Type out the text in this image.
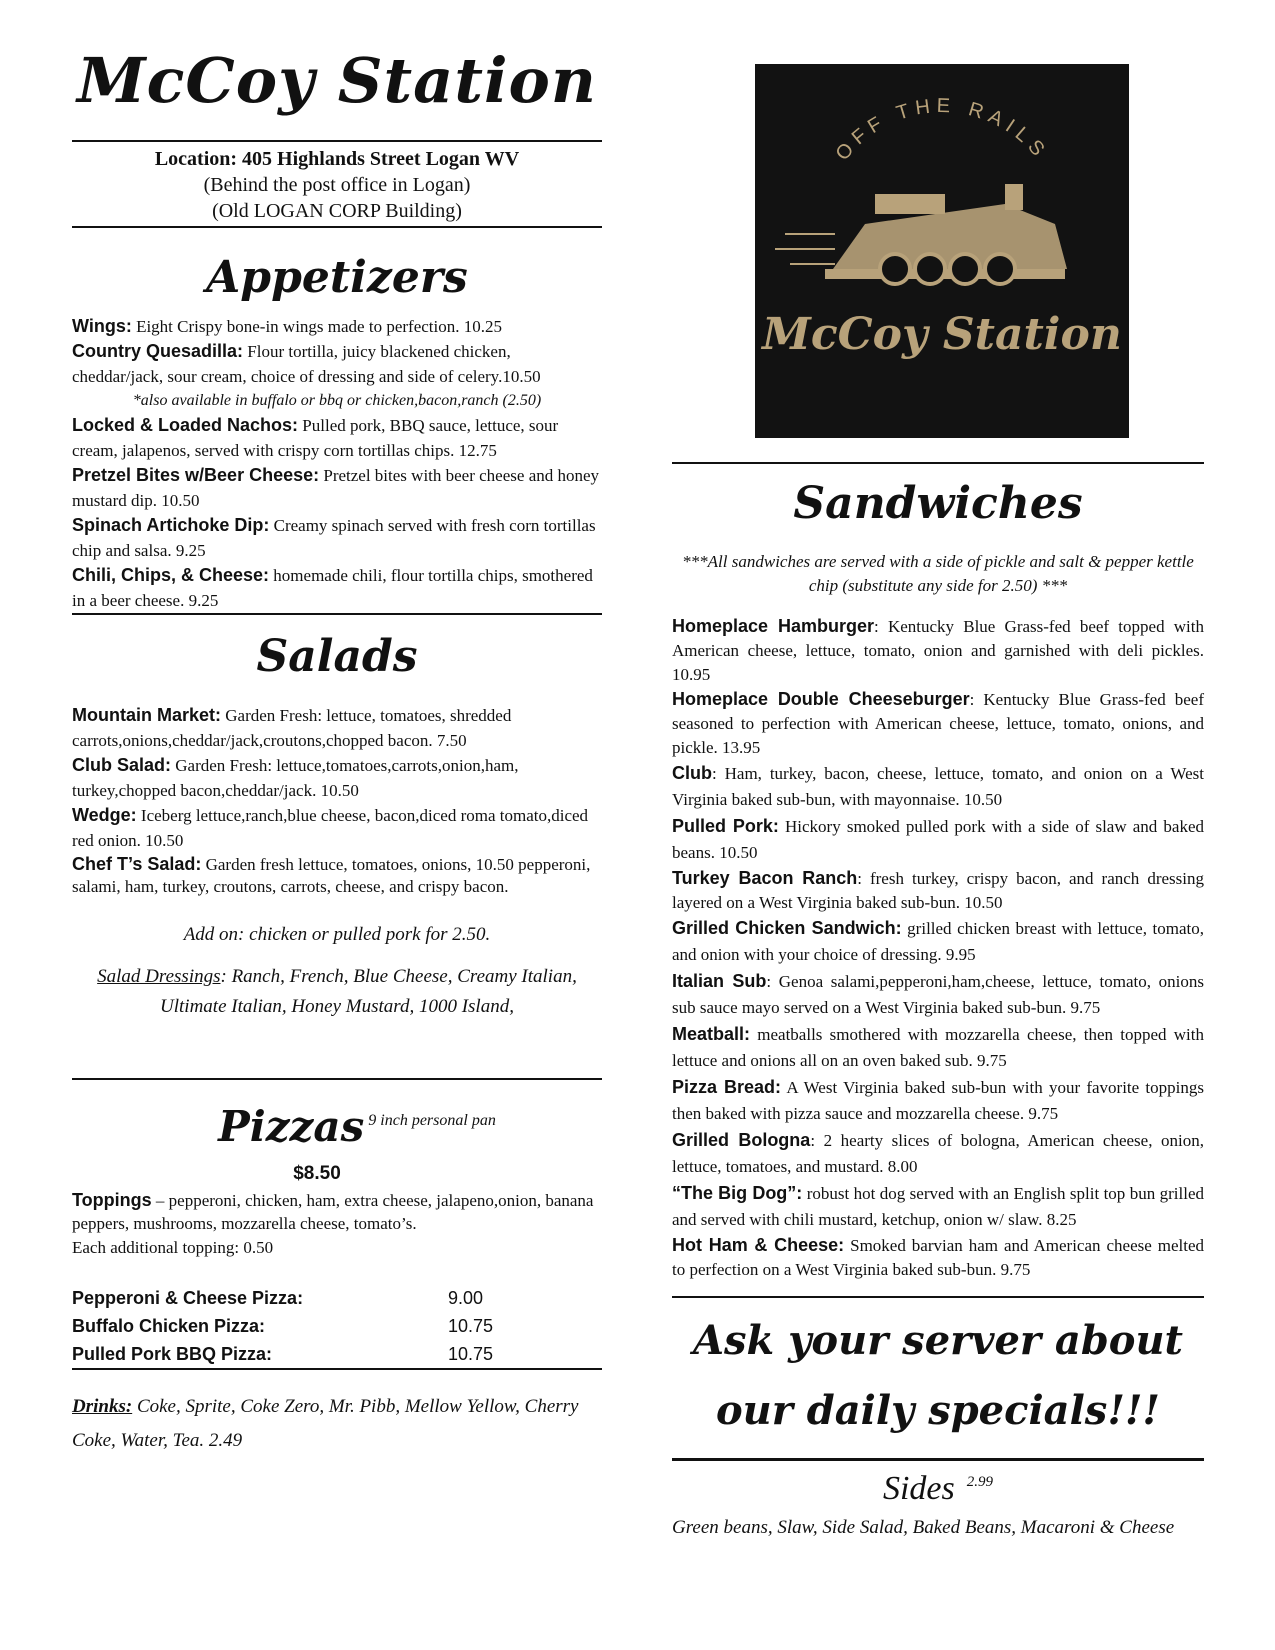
McCoy Station
Location: 405 Highlands Street Logan WV
(Behind the post office in Logan)
(Old LOGAN CORP Building)
Appetizers
Wings: Eight Crispy bone-in wings made to perfection. 10.25
Country Quesadilla: Flour tortilla, juicy blackened chicken, cheddar/jack, sour cream, choice of dressing and side of celery.10.50
*also available in buffalo or bbq or chicken,bacon,ranch (2.50)
Locked & Loaded Nachos: Pulled pork, BBQ sauce, lettuce, sour cream, jalapenos, served with crispy corn tortillas chips. 12.75
Pretzel Bites w/Beer Cheese: Pretzel bites with beer cheese and honey mustard dip. 10.50
Spinach Artichoke Dip: Creamy spinach served with fresh corn tortillas chip and salsa. 9.25
Chili, Chips, & Cheese: homemade chili, flour tortilla chips, smothered in a beer cheese. 9.25
Salads
Mountain Market: Garden Fresh: lettuce, tomatoes, shredded carrots,onions,cheddar/jack,croutons,chopped bacon. 7.50
Club Salad: Garden Fresh: lettuce,tomatoes,carrots,onion,ham, turkey,chopped bacon,cheddar/jack. 10.50
Wedge: Iceberg lettuce,ranch,blue cheese, bacon,diced roma tomato,diced red onion. 10.50
Chef T’s Salad: Garden fresh lettuce, tomatoes, onions, 10.50 pepperoni, salami, ham, turkey, croutons, carrots, cheese, and crispy bacon.
Add on: chicken or pulled pork for 2.50.
Salad Dressings: Ranch, French, Blue Cheese, Creamy Italian, Ultimate Italian, Honey Mustard, 1000 Island,
Pizzas 9 inch personal pan
$8.50
Toppings – pepperoni, chicken, ham, extra cheese, jalapeno,onion, banana peppers, mushrooms, mozzarella cheese, tomato’s.
Each additional topping: 0.50
Pepperoni & Cheese Pizza:	9.00
Buffalo Chicken Pizza:	10.75
Pulled Pork BBQ Pizza:	10.75
Drinks: Coke, Sprite, Coke Zero, Mr. Pibb, Mellow Yellow, Cherry Coke, Water, Tea. 2.49
OFF THE RAILS
McCoy Station
Sandwiches
***All sandwiches are served with a side of pickle and salt & pepper kettle chip (substitute any side for 2.50) ***
Homeplace Hamburger: Kentucky Blue Grass-fed beef topped with American cheese, lettuce, tomato, onion and garnished with deli pickles. 10.95
Homeplace Double Cheeseburger: Kentucky Blue Grass-fed beef seasoned to perfection with American cheese, lettuce, tomato, onions, and pickle. 13.95
Club: Ham, turkey, bacon, cheese, lettuce, tomato, and onion on a West Virginia baked sub-bun, with mayonnaise. 10.50
Pulled Pork: Hickory smoked pulled pork with a side of slaw and baked beans. 10.50
Turkey Bacon Ranch: fresh turkey, crispy bacon, and ranch dressing layered on a West Virginia baked sub-bun. 10.50
Grilled Chicken Sandwich: grilled chicken breast with lettuce, tomato, and onion with your choice of dressing. 9.95
Italian Sub: Genoa salami,pepperoni,ham,cheese, lettuce, tomato, onions sub sauce mayo served on a West Virginia baked sub-bun. 9.75
Meatball: meatballs smothered with mozzarella cheese, then topped with lettuce and onions all on an oven baked sub. 9.75
Pizza Bread: A West Virginia baked sub-bun with your favorite toppings then baked with pizza sauce and mozzarella cheese. 9.75
Grilled Bologna: 2 hearty slices of bologna, American cheese, onion, lettuce, tomatoes, and mustard. 8.00
“The Big Dog”: robust hot dog served with an English split top bun grilled and served with chili mustard, ketchup, onion w/ slaw. 8.25
Hot Ham & Cheese: Smoked barvian ham and American cheese melted to perfection on a West Virginia baked sub-bun. 9.75
Ask your server about
our daily specials!!!
Sides 2.99
Green beans, Slaw, Side Salad, Baked Beans, Macaroni & Cheese
